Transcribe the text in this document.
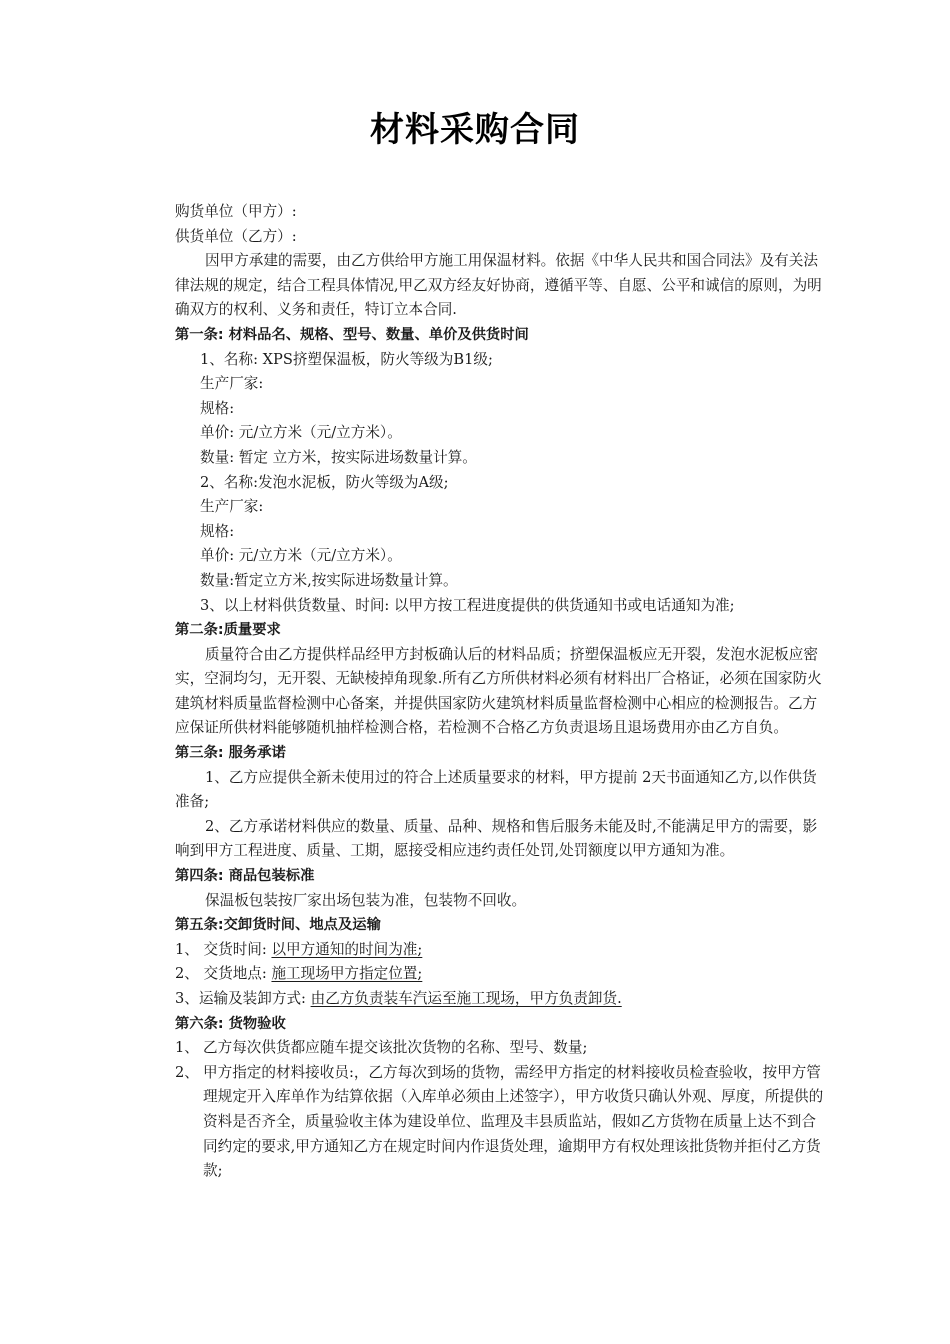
材料采购合同

购货单位（甲方）:

供货单位（乙方）:

因甲方承建的需要，由乙方供给甲方施工用保温材料。依据《中华人民共和国合同法》及有关法律法规的规定，结合工程具体情况,甲乙双方经友好协商，遵循平等、自愿、公平和诚信的原则，为明确双方的权利、义务和责任，特订立本合同.

第一条: 材料品名、规格、型号、数量、单价及供货时间

1、名称: XPS挤塑保温板，防火等级为B1级;

生产厂家:

规格:

单价: 元/立方米（元/立方米）。

数量: 暂定 立方米，按实际进场数量计算。

2、名称:发泡水泥板，防火等级为A级;

生产厂家:

规格:

单价: 元/立方米（元/立方米）。

数量:暂定立方米,按实际进场数量计算。

3、以上材料供货数量、时间: 以甲方按工程进度提供的供货通知书或电话通知为准;

第二条:质量要求

质量符合由乙方提供样品经甲方封板确认后的材料品质；挤塑保温板应无开裂，发泡水泥板应密实，空洞均匀，无开裂、无缺棱掉角现象.所有乙方所供材料必须有材料出厂合格证，必须在国家防火建筑材料质量监督检测中心备案，并提供国家防火建筑材料质量监督检测中心相应的检测报告。乙方应保证所供材料能够随机抽样检测合格，若检测不合格乙方负责退场且退场费用亦由乙方自负。

第三条: 服务承诺

1、乙方应提供全新未使用过的符合上述质量要求的材料，甲方提前 2天书面通知乙方,以作供货准备;

2、乙方承诺材料供应的数量、质量、品种、规格和售后服务未能及时,不能满足甲方的需要，影响到甲方工程进度、质量、工期，愿接受相应违约责任处罚,处罚额度以甲方通知为准。

第四条: 商品包装标准

保温板包装按厂家出场包装为准，包装物不回收。

第五条:交卸货时间、地点及运输

1、 交货时间: 以甲方通知的时间为准;

2、 交货地点: 施工现场甲方指定位置;

3、运输及装卸方式: 由乙方负责装车汽运至施工现场，甲方负责卸货.

第六条: 货物验收

1、 乙方每次供货都应随车提交该批次货物的名称、型号、数量;
2、 甲方指定的材料接收员:，乙方每次到场的货物，需经甲方指定的材料接收员检查验收，按甲方管理规定开入库单作为结算依据（入库单必须由上述签字），甲方收货只确认外观、厚度，所提供的资料是否齐全，质量验收主体为建设单位、监理及丰县质监站，假如乙方货物在质量上达不到合同约定的要求,甲方通知乙方在规定时间内作退货处理，逾期甲方有权处理该批货物并拒付乙方货款;
